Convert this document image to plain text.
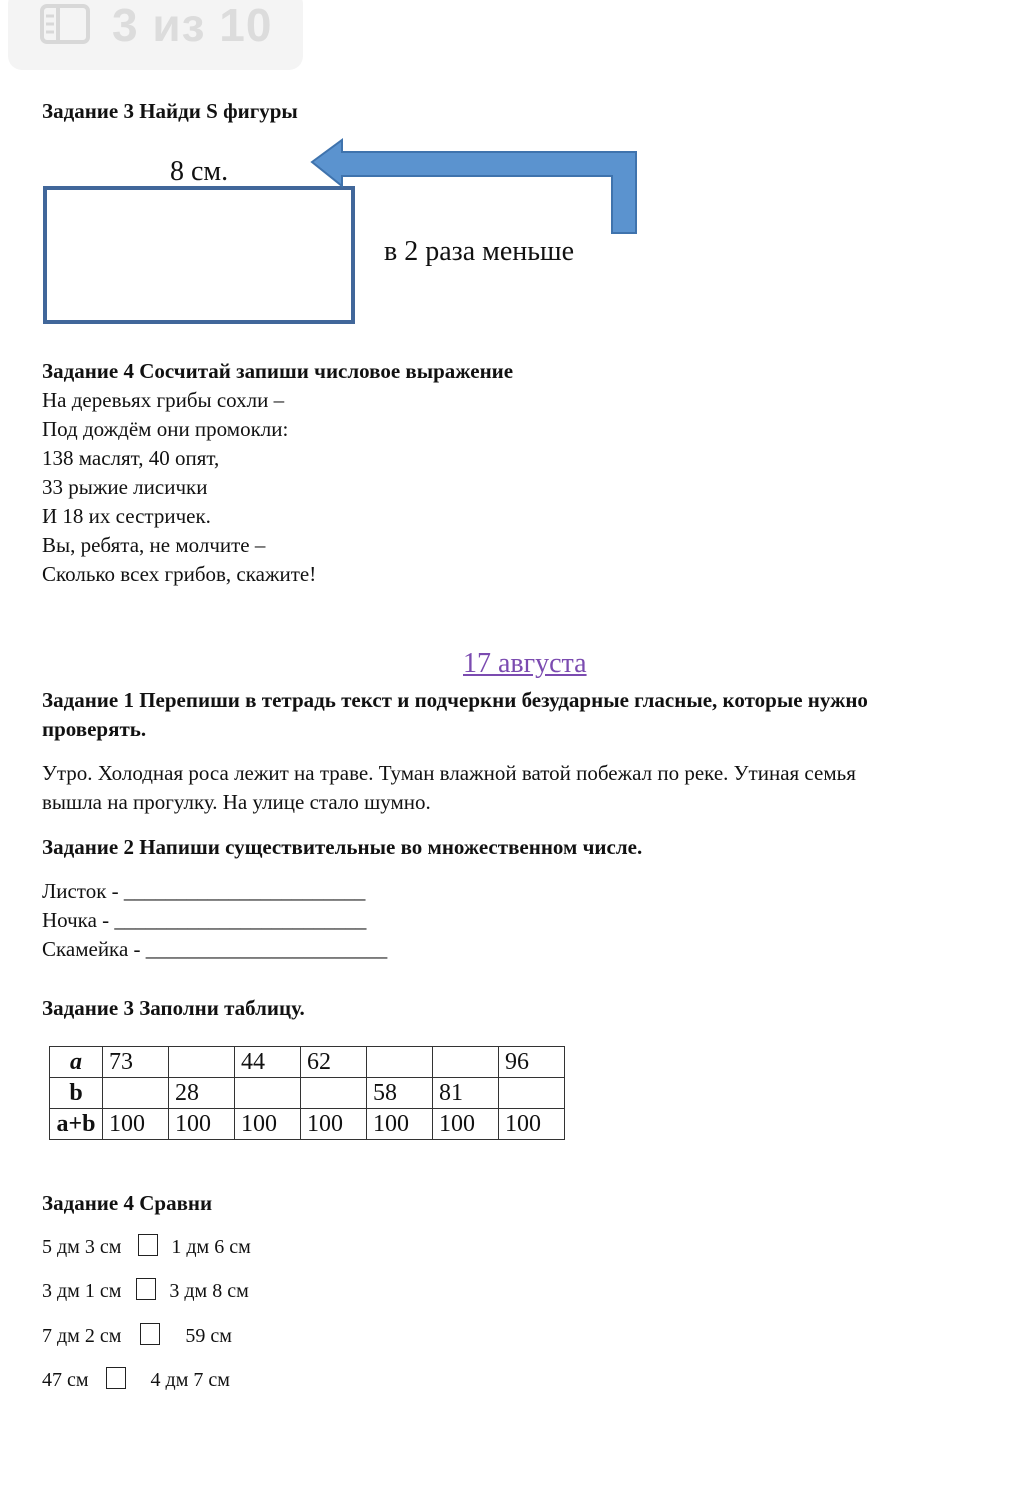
3 из 10
Задание 3 Найди S фигуры
8 см.
в 2 раза меньше
Задание 4 Сосчитай запиши числовое выражение
На деревьях грибы сохли –
Под дождём они промокли:
138 маслят, 40 опят,
33 рыжие лисички
И 18 их сестричек.
Вы, ребята, не молчите –
Сколько всех грибов, скажите!
17 августа
Задание 1 Перепиши в тетрадь текст и подчеркни безударные гласные, которые нужно
проверять.
Утро. Холодная роса лежит на траве. Туман влажной ватой побежал по реке. Утиная семья
вышла на прогулку. На улице стало шумно.
Задание 2 Напиши существительные во множественном числе.
Листок - _______________________
Ночка - ________________________
Скамейка - _______________________
Задание 3 Заполни таблицу.
a	73		44	62			96
b		28			58	81	
a+b	100	100	100	100	100	100	100
Задание 4 Сравни
5 дм 3 см	1 дм 6 см
3 дм 1 см 3 дм 8 см
7 дм 2 см	59 см
47 см	4 дм 7 см
